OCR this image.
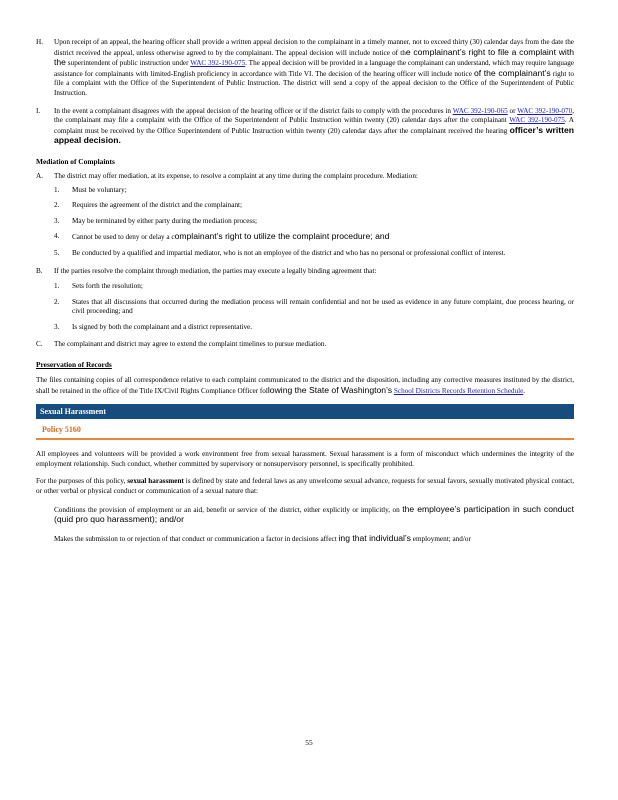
H.	Upon receipt of an appeal, the hearing officer shall provide a written appeal decision to the complainant in a timely manner, not to exceed thirty (30) calendar days from the date the district received the appeal, unless otherwise agreed to by the complainant. The appeal decision will include notice of the complainant’s right to file a complaint with the superintendent of public instruction under WAC 392-190-075. The appeal decision will be provided in a language the complainant can understand, which may require language assistance for complainants with limited-English proficiency in accordance with Title VI. The decision of the hearing officer will include notice of the complainant’s right to file a complaint with the Office of the Superintendent of Public Instruction. The district will send a copy of the appeal decision to the Office of the Superintendent of Public Instruction.

I.	In the event a complainant disagrees with the appeal decision of the hearing officer or if the district fails to comply with the procedures in WAC 392-190-065 or WAC 392-190-070, the complainant may file a complaint with the Office of the Superintendent of Public Instruction within twenty (20) calendar days after the complainant WAC 392-190-075. A complaint must be received by the Office Superintendent of Public Instruction within twenty (20) calendar days after the complainant received the hearing officer’s written appeal decision.

Mediation of Complaints

A.	The district may offer mediation, at its expense, to resolve a complaint at any time during the complaint procedure. Mediation:

1.	Must be voluntary;

2.	Requires the agreement of the district and the complainant;

3.	May be terminated by either party during the mediation process;

4.	Cannot be used to deny or delay a complainant’s right to utilize the complaint procedure; and

5.	Be conducted by a qualified and impartial mediator, who is not an employee of the district and who has no personal or professional conflict of interest.

B.	If the parties resolve the complaint through mediation, the parties may execute a legally binding agreement that:

1.	Sets forth the resolution;

2.	States that all discussions that occurred during the mediation process will remain confidential and not be used as evidence in any future complaint, due process hearing, or civil proceeding; and

3.	Is signed by both the complainant and a district representative.

C.	The complainant and district may agree to extend the complaint timelines to pursue mediation.

Preservation of Records

The files containing copies of all correspondence relative to each complaint communicated to the district and the disposition, including any corrective measures instituted by the district, shall be retained in the office of the Title IX/Civil Rights Compliance Officer following the State of Washington’s School Districts Records Retention Schedule.

Sexual Harassment
Policy 5160

All employees and volunteers will be provided a work environment free from sexual harassment. Sexual harassment is a form of misconduct which undermines the integrity of the employment relationship. Such conduct, whether committed by supervisory or nonsupervisory personnel, is specifically prohibited.

For the purposes of this policy, sexual harassment is defined by state and federal laws as any unwelcome sexual advance, requests for sexual favors, sexually motivated physical contact, or other verbal or physical conduct or communication of a sexual nature that:

Conditions the provision of employment or an aid, benefit or service of the district, either explicitly or implicitly, on the employee’s participation in such conduct (quid pro quo harassment); and/or

Makes the submission to or rejection of that conduct or communication a factor in decisions affect ing that individual’s employment; and/or

55
